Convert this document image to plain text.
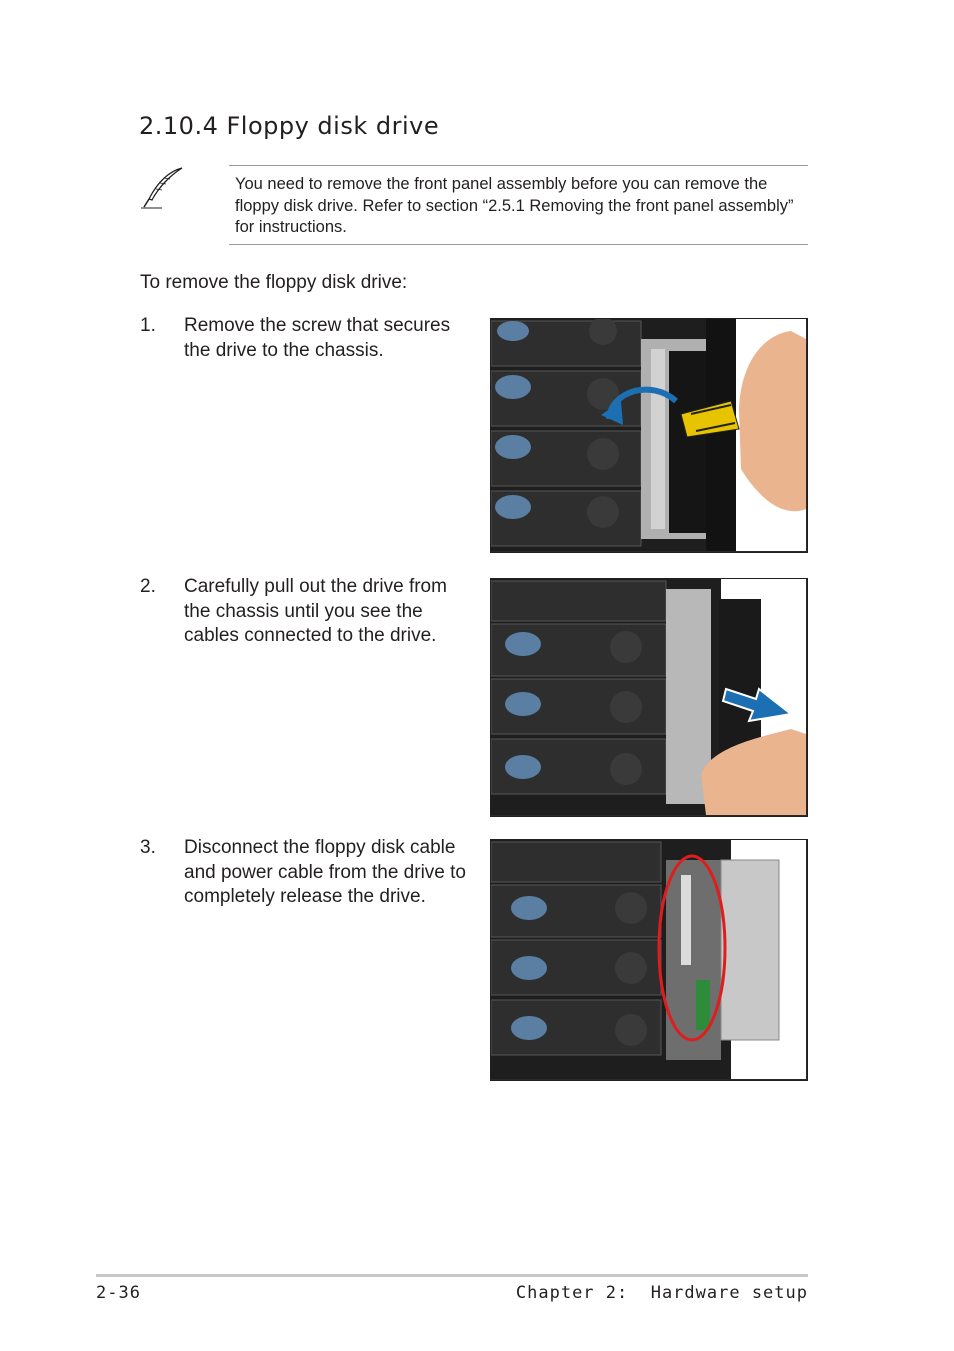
2.10.4 Floppy disk drive

You need to remove the front panel assembly before you can remove the floppy disk drive. Refer to section “2.5.1 Removing the front panel assembly” for instructions.

To remove the floppy disk drive:

1. Remove the screw that secures the drive to the chassis.

2. Carefully pull out the drive from the chassis until you see the cables connected to the drive.

3. Disconnect the floppy disk cable and power cable from the drive to completely release the drive.

2-36	Chapter 2:  Hardware setup
